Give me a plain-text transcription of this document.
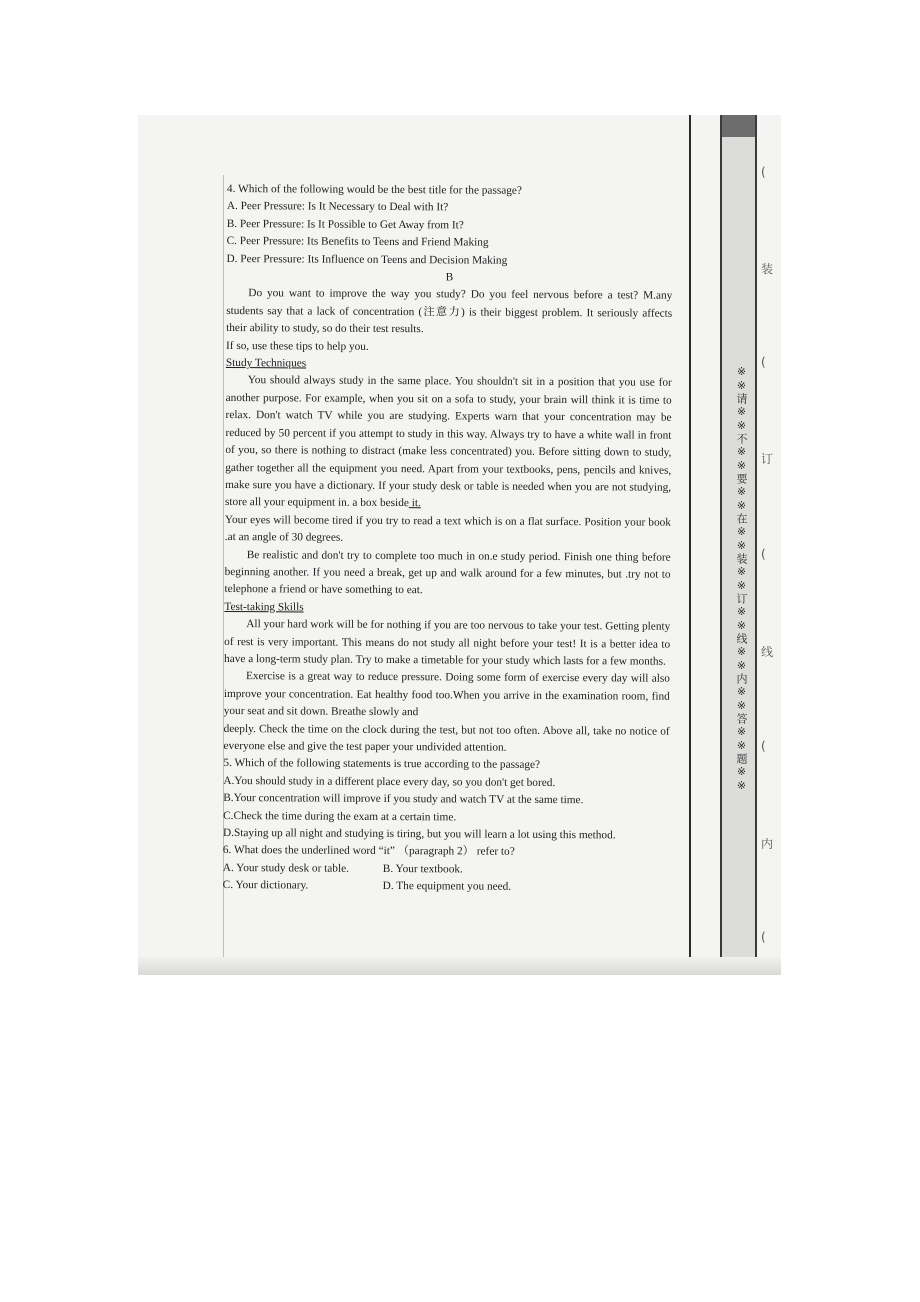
※※请※※不※※要※※在※※装※※订※※线※※内※※答※※题※※
(
装
(
订
(
线
(
内
(

4. Which of the following would be the best title for the passage?

A. Peer Pressure: Is It Necessary to Deal with It?

B. Peer Pressure: Is It Possible to Get Away from It?

C. Peer Pressure: Its Benefits to Teens and Friend Making

D. Peer Pressure: Its Influence on Teens and Decision Making

B

Do you want to improve the way you study? Do you feel nervous before a test? M.any students say that a lack of concentration (注意力) is their biggest problem. It seriously affects their ability to study, so do their test results.

If so, use these tips to help you.

Study Techniques

You should always study in the same place. You shouldn't sit in a position that you use for another purpose. For example, when you sit on a sofa to study, your brain will think it is time to relax. Don't watch TV while you are studying. Experts warn that your concentration may be reduced by 50 percent if you attempt to study in this way. Always try to have a white wall in front of you, so there is nothing to distract (make less concentrated) you. Before sitting down to study, gather together all the equipment you need. Apart from your textbooks, pens, pencils and knives, make sure you have a dictionary. If your study desk or table is needed when you are not studying, store all your equipment in. a box beside it.

Your eyes will become tired if you try to read a text which is on a flat surface. Position your book .at an angle of 30 degrees.

Be realistic and don't try to complete too much in on.e study period. Finish one thing before beginning another. If you need a break, get up and walk around for a few minutes, but .try not to telephone a friend or have something to eat.

Test-taking Skills

All your hard work will be for nothing if you are too nervous to take your test. Getting plenty of rest is very important. This means do not study all night before your test! It is a better idea to have a long-term study plan. Try to make a timetable for your study which lasts for a few months.

Exercise is a great way to reduce pressure. Doing some form of exercise every day will also improve your concentration. Eat healthy food too.When you arrive in the examination room, find your seat and sit down. Breathe slowly and

deeply. Check the time on the clock during the test, but not too often. Above all, take no notice of everyone else and give the test paper your undivided attention.

5. Which of the following statements is true according to the passage?

A.You should study in a different place every day, so you don't get bored.

B.Your concentration will improve if you study and watch TV at the same time.

C.Check the time during the exam at a certain time.

D.Staying up all night and studying is tiring, but you will learn a lot using this method.

6. What does the underlined word “it” （paragraph 2） refer to?

A. Your study desk or table.	B. Your textbook.
C. Your dictionary.	D. The equipment you need.
